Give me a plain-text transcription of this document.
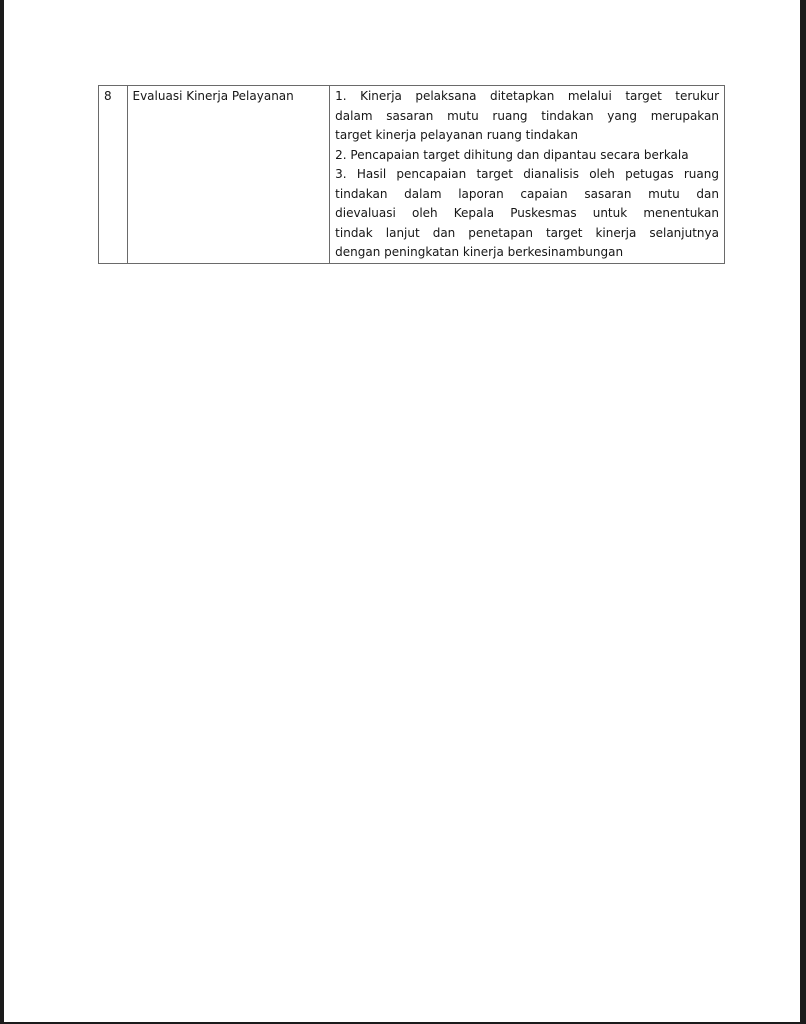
8	Evaluasi Kinerja Pelayanan	1. Kinerja pelaksana ditetapkan melalui target terukur
dalam sasaran mutu ruang tindakan yang merupakan
target kinerja pelayanan ruang tindakan
2. Pencapaian target dihitung dan dipantau secara berkala
3. Hasil pencapaian target dianalisis oleh petugas ruang
tindakan dalam laporan capaian sasaran mutu dan
dievaluasi oleh Kepala Puskesmas untuk menentukan
tindak lanjut dan penetapan target kinerja selanjutnya
dengan peningkatan kinerja berkesinambungan
